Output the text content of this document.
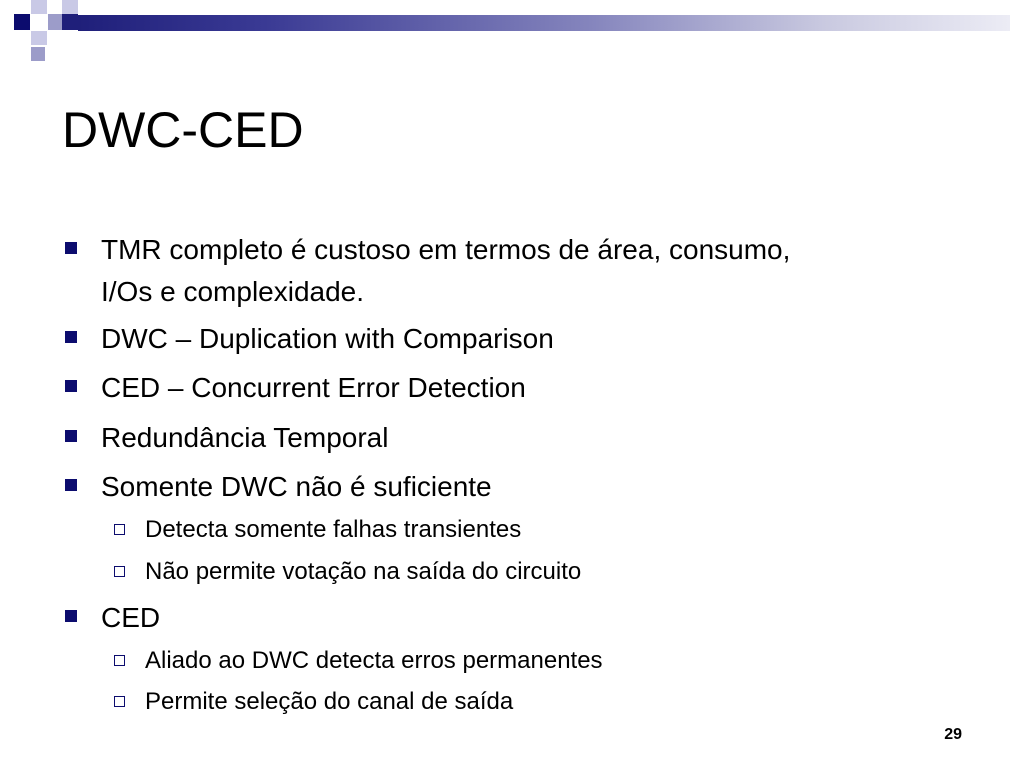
DWC-CED
TMR completo é custoso em termos de área, consumo,
I/Os e complexidade.
DWC – Duplication with Comparison
CED – Concurrent Error Detection
Redundância Temporal
Somente DWC não é suficiente
Detecta somente falhas transientes
Não permite votação na saída do circuito
CED
Aliado ao DWC detecta erros permanentes
Permite seleção do canal de saída
29
